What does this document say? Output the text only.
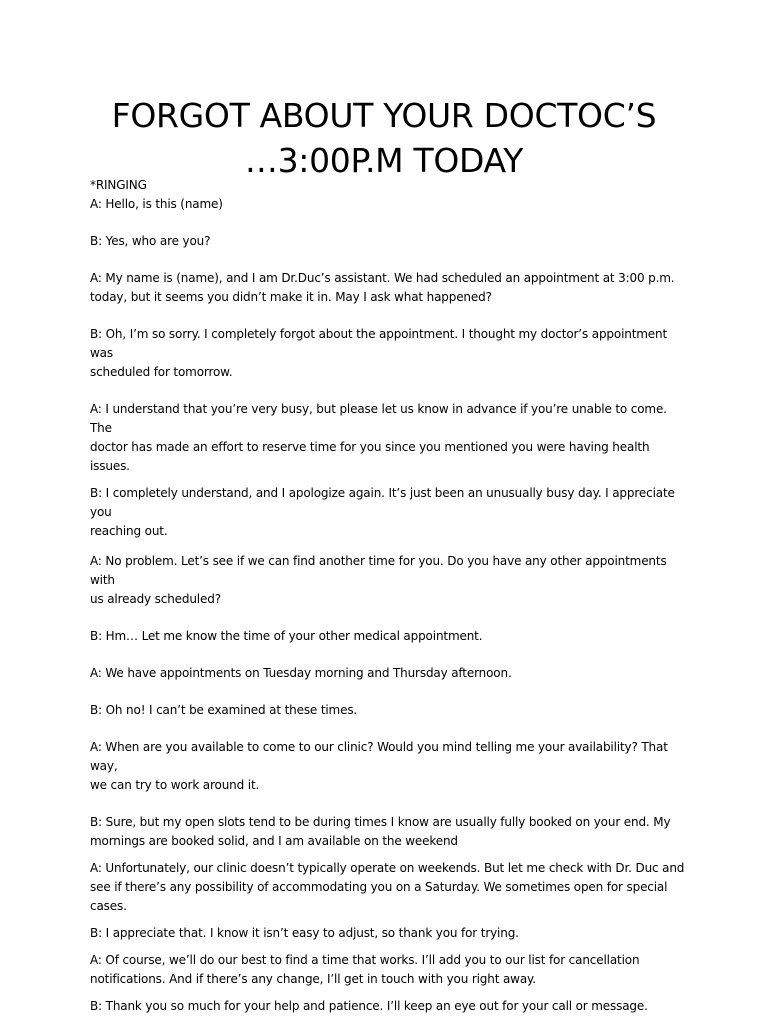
FORGOT ABOUT YOUR DOCTOC’S
…3:00P.M TODAY

*RINGING

A: Hello, is this (name)

B: Yes, who are you?

A: My name is (name), and I am Dr.Duc’s assistant. We had scheduled an appointment at 3:00 p.m.
today, but it seems you didn’t make it in. May I ask what happened?

B: Oh, I’m so sorry. I completely forgot about the appointment. I thought my doctor’s appointment was
scheduled for tomorrow.

A: I understand that you’re very busy, but please let us know in advance if you’re unable to come. The
doctor has made an effort to reserve time for you since you mentioned you were having health issues.

B: I completely understand, and I apologize again. It’s just been an unusually busy day. I appreciate you
reaching out.

A: No problem. Let’s see if we can find another time for you. Do you have any other appointments with
us already scheduled?

B: Hm… Let me know the time of your other medical appointment.

A: We have appointments on Tuesday morning and Thursday afternoon.

B: Oh no! I can’t be examined at these times.

A: When are you available to come to our clinic? Would you mind telling me your availability? That way,
we can try to work around it.

B: Sure, but my open slots tend to be during times I know are usually fully booked on your end. My
mornings are booked solid, and I am available on the weekend

A: Unfortunately, our clinic doesn’t typically operate on weekends. But let me check with Dr. Duc and
see if there’s any possibility of accommodating you on a Saturday. We sometimes open for special cases.

B: I appreciate that. I know it isn’t easy to adjust, so thank you for trying.

A: Of course, we’ll do our best to find a time that works. I’ll add you to our list for cancellation
notifications. And if there’s any change, I’ll get in touch with you right away.

B: Thank you so much for your help and patience. I’ll keep an eye out for your call or message.
